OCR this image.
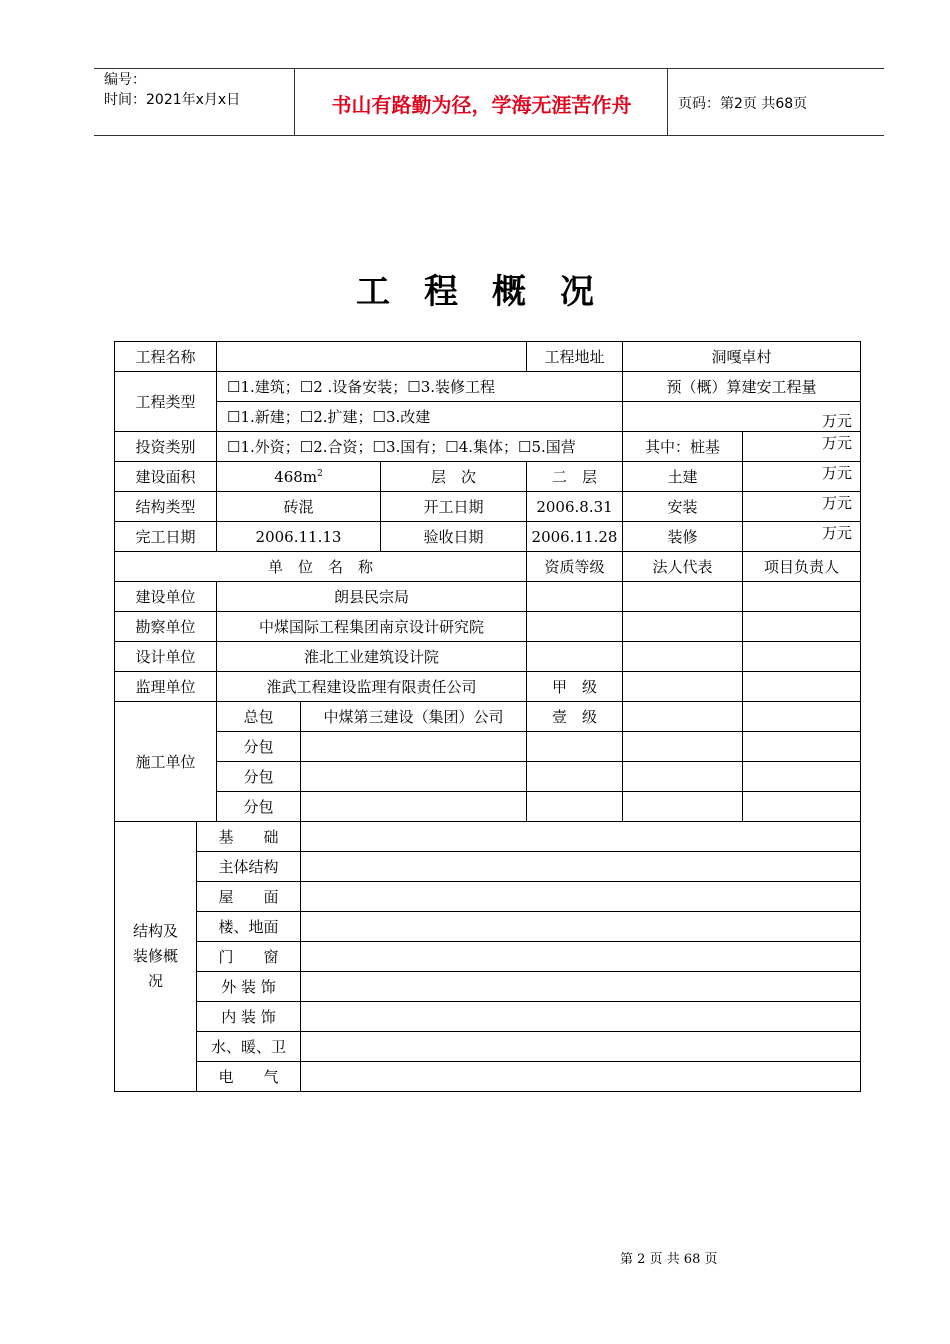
编号：
时间：2021年x月x日	书山有路勤为径，学海无涯苦作舟	页码：第2页 共68页
工程概况
工程名称					工程地址	洞嘎卓村	
工程类型		☐1.建筑；☐2 .设备安装；☐3.装修工程				预（概）算建安工程量	
		☐1.新建；☐2.扩建；☐3.改建				万元	
投资类别		☐1.外资；☐2.合资；☐3.国有；☐4.集体；☐5.国营				其中：桩基	万元
建设面积		$468m^2$		层　次	二　层	土建	万元
结构类型		砖混		开工日期	2006.8.31	安装	万元
完工日期		2006.11.13		验收日期	2006.11.28	装修	万元
单　位　名　称					资质等级	法人代表	项目负责人
建设单位		朗县民宗局					
勘察单位		中煤国际工程集团南京设计研究院					
设计单位		淮北工业建筑设计院					
监理单位		淮武工程建设监理有限责任公司			甲　级		
施工单位		总包	中煤第三建设（集团）公司		壹　级		
		分包					
		分包					
		分包					
结构及装修概况	基　　础						
	主体结构						
	屋　　面						
	楼、地面						
	门　　窗						
	外 装 饰						
	内 装 饰						
	水、暖、卫						
	电　　气						
第 2 页 共 68 页
